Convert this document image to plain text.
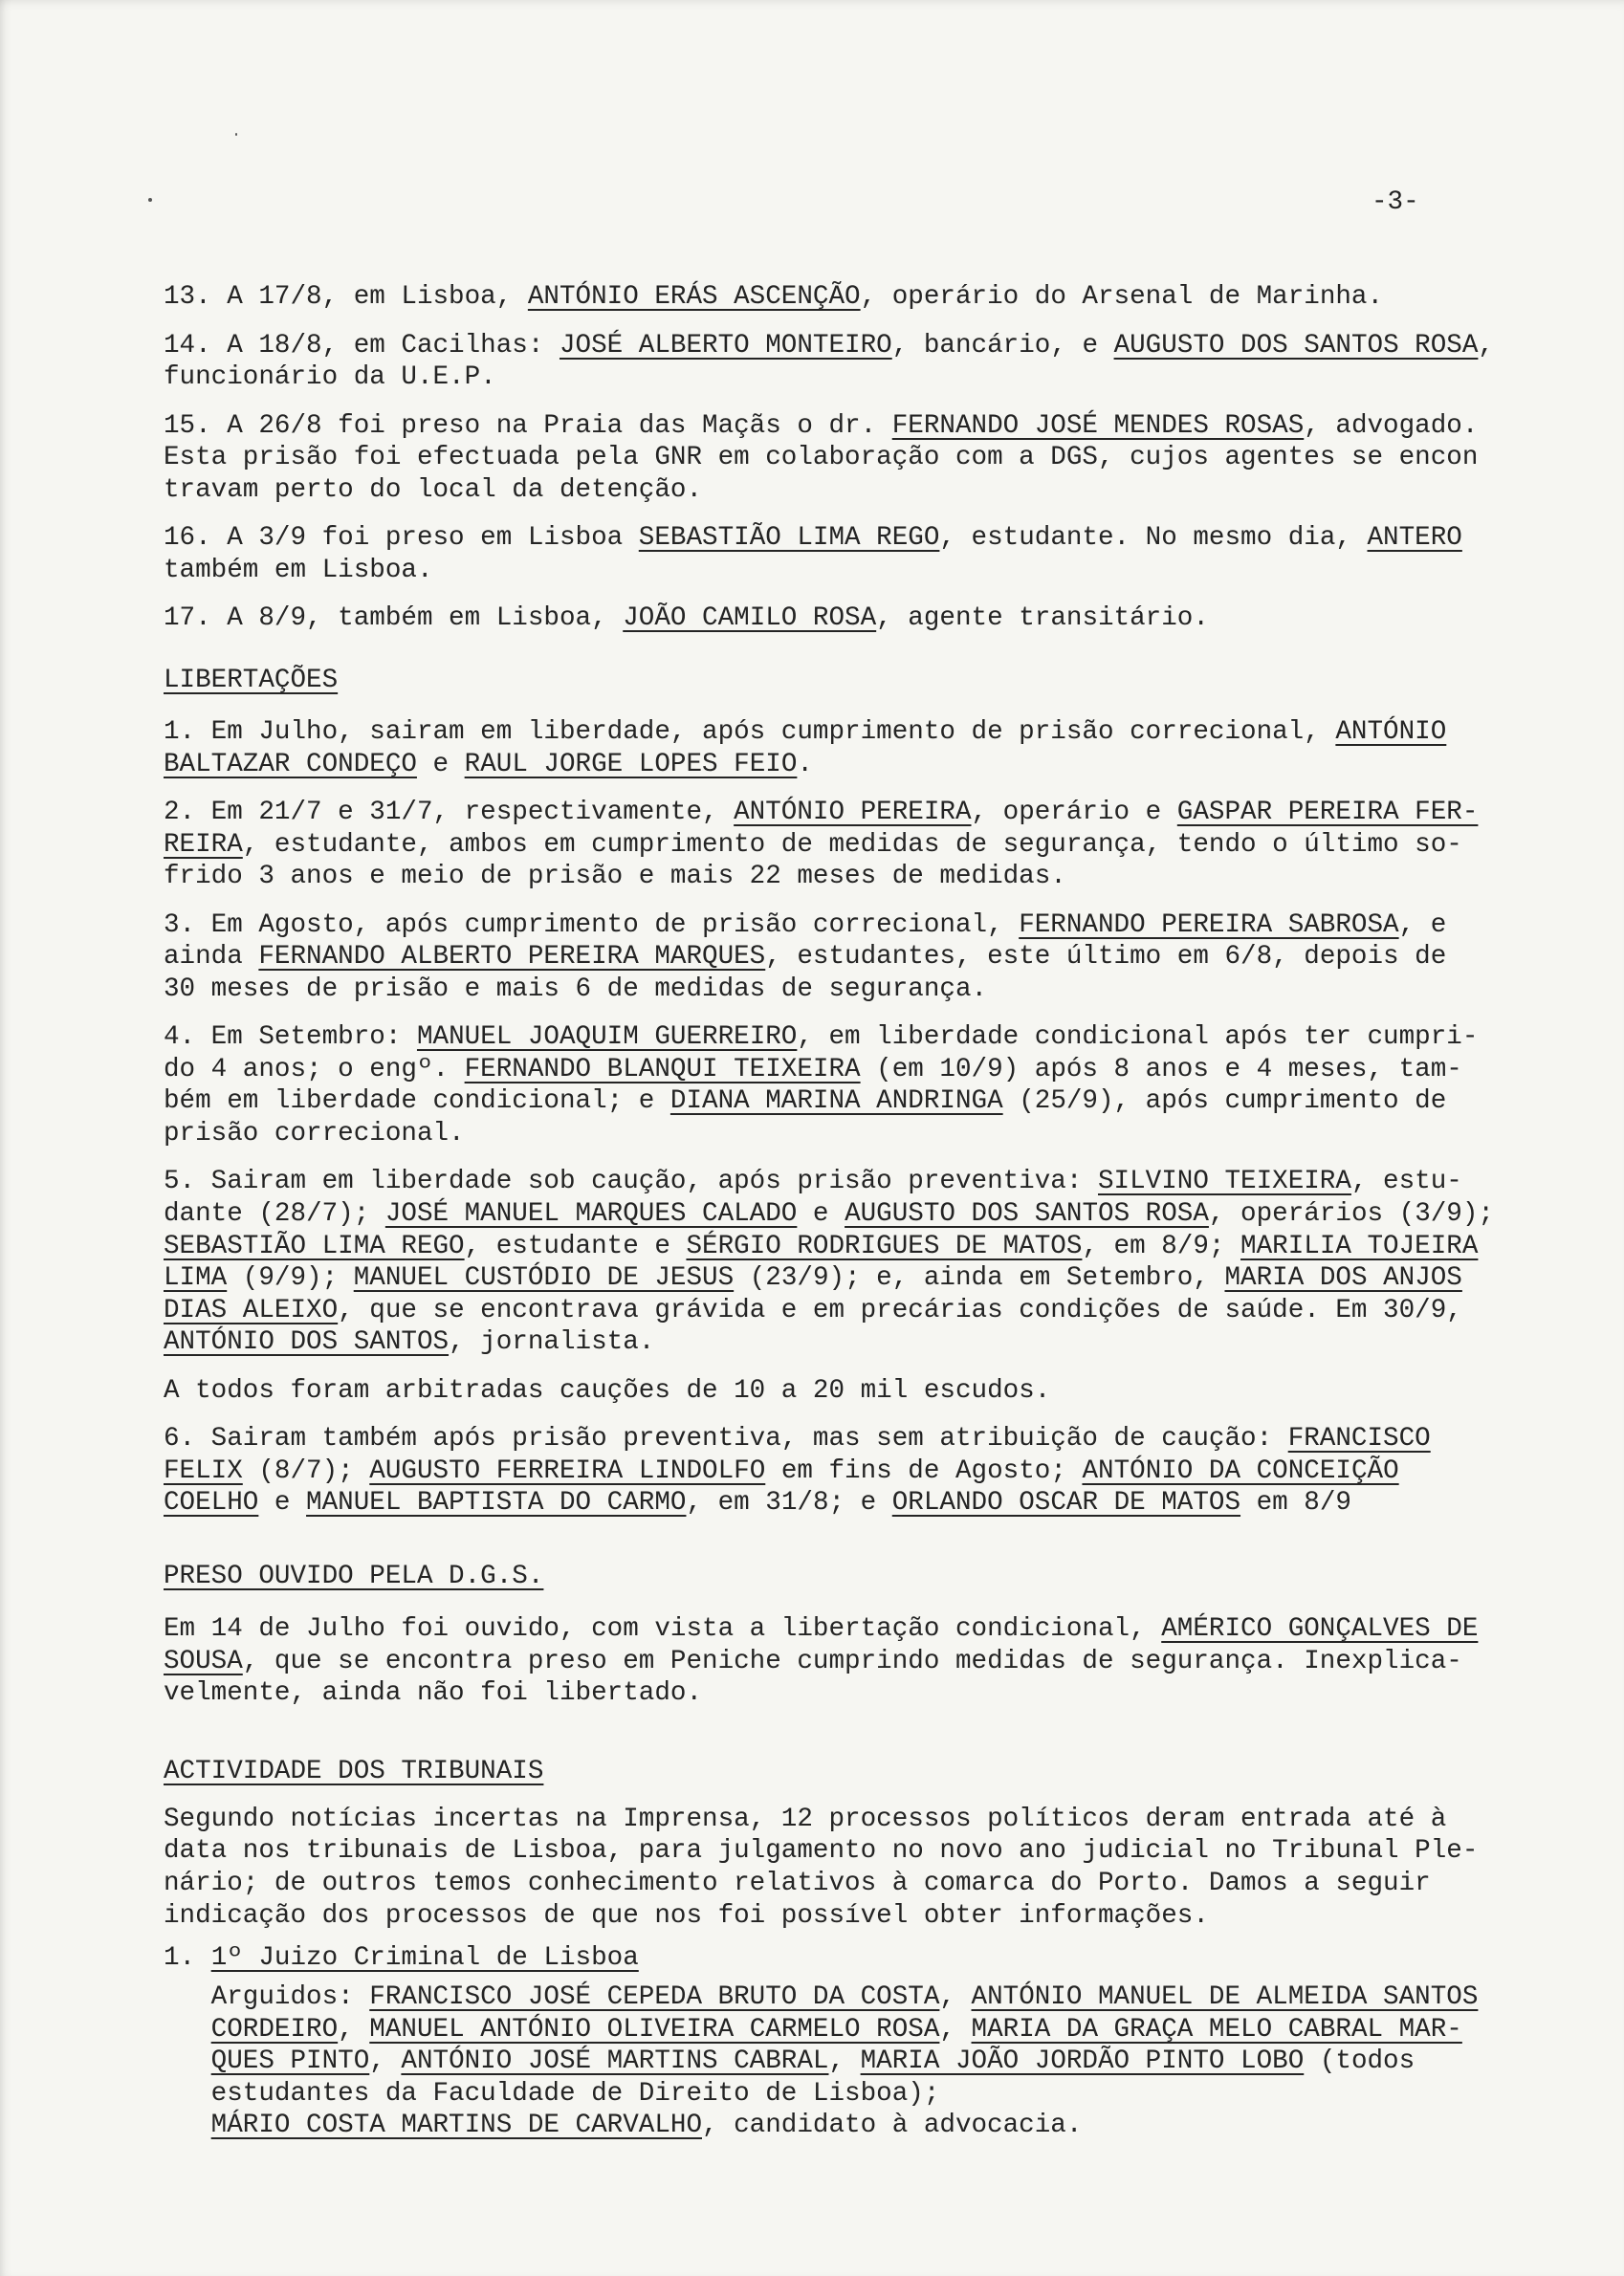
-3-
13. A 17/8, em Lisboa, ANTÓNIO ERÁS ASCENÇÃO, operário do Arsenal de Marinha.
14. A 18/8, em Cacilhas: JOSÉ ALBERTO MONTEIRO, bancário, e AUGUSTO DOS SANTOS ROSA,
funcionário da U.E.P.
15. A 26/8 foi preso na Praia das Maçãs o dr. FERNANDO JOSÉ MENDES ROSAS, advogado.
Esta prisão foi efectuada pela GNR em colaboração com a DGS, cujos agentes se encon
travam perto do local da detenção.
16. A 3/9 foi preso em Lisboa SEBASTIÃO LIMA REGO, estudante. No mesmo dia, ANTERO
também em Lisboa.
17. A 8/9, também em Lisboa, JOÃO CAMILO ROSA, agente transitário.
LIBERTAÇÕES
1. Em Julho, sairam em liberdade, após cumprimento de prisão correcional, ANTÓNIO
BALTAZAR CONDEÇO e RAUL JORGE LOPES FEIO.
2. Em 21/7 e 31/7, respectivamente, ANTÓNIO PEREIRA, operário e GASPAR PEREIRA FER-
REIRA, estudante, ambos em cumprimento de medidas de segurança, tendo o último so-
frido 3 anos e meio de prisão e mais 22 meses de medidas.
3. Em Agosto, após cumprimento de prisão correcional, FERNANDO PEREIRA SABROSA, e
ainda FERNANDO ALBERTO PEREIRA MARQUES, estudantes, este último em 6/8, depois de
30 meses de prisão e mais 6 de medidas de segurança.
4. Em Setembro: MANUEL JOAQUIM GUERREIRO, em liberdade condicional após ter cumpri-
do 4 anos; o engº. FERNANDO BLANQUI TEIXEIRA (em 10/9) após 8 anos e 4 meses, tam-
bém em liberdade condicional; e DIANA MARINA ANDRINGA (25/9), após cumprimento de
prisão correcional.
5. Sairam em liberdade sob caução, após prisão preventiva: SILVINO TEIXEIRA, estu-
dante (28/7); JOSÉ MANUEL MARQUES CALADO e AUGUSTO DOS SANTOS ROSA, operários (3/9);
SEBASTIÃO LIMA REGO, estudante e SÉRGIO RODRIGUES DE MATOS, em 8/9; MARILIA TOJEIRA
LIMA (9/9); MANUEL CUSTÓDIO DE JESUS (23/9); e, ainda em Setembro, MARIA DOS ANJOS
DIAS ALEIXO, que se encontrava grávida e em precárias condições de saúde. Em 30/9,
ANTÓNIO DOS SANTOS, jornalista.
A todos foram arbitradas cauções de 10 a 20 mil escudos.
6. Sairam também após prisão preventiva, mas sem atribuição de caução: FRANCISCO
FELIX (8/7); AUGUSTO FERREIRA LINDOLFO em fins de Agosto; ANTÓNIO DA CONCEIÇÃO
COELHO e MANUEL BAPTISTA DO CARMO, em 31/8; e ORLANDO OSCAR DE MATOS em 8/9
PRESO OUVIDO PELA D.G.S.
Em 14 de Julho foi ouvido, com vista a libertação condicional, AMÉRICO GONÇALVES DE
SOUSA, que se encontra preso em Peniche cumprindo medidas de segurança. Inexplica-
velmente, ainda não foi libertado.
ACTIVIDADE DOS TRIBUNAIS
Segundo notícias incertas na Imprensa, 12 processos políticos deram entrada até à
data nos tribunais de Lisboa, para julgamento no novo ano judicial no Tribunal Ple-
nário; de outros temos conhecimento relativos à comarca do Porto. Damos a seguir
indicação dos processos de que nos foi possível obter informações.
1. 1º Juizo Criminal de Lisboa
Arguidos: FRANCISCO JOSÉ CEPEDA BRUTO DA COSTA, ANTÓNIO MANUEL DE ALMEIDA SANTOS
CORDEIRO, MANUEL ANTÓNIO OLIVEIRA CARMELO ROSA, MARIA DA GRAÇA MELO CABRAL MAR-
QUES PINTO, ANTÓNIO JOSÉ MARTINS CABRAL, MARIA JOÃO JORDÃO PINTO LOBO (todos
estudantes da Faculdade de Direito de Lisboa);
MÁRIO COSTA MARTINS DE CARVALHO, candidato à advocacia.
